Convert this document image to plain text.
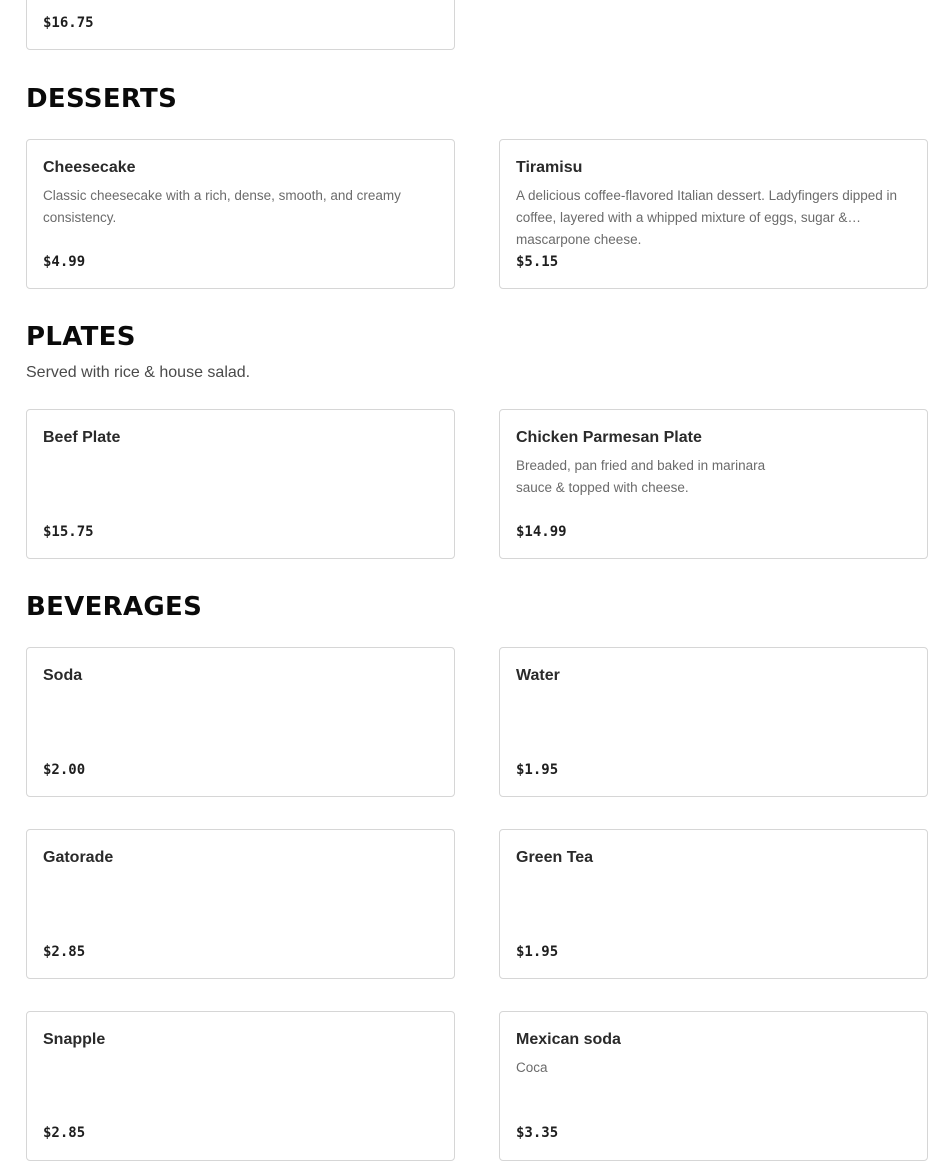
$16.75
DESSERTS
Cheesecake
Classic cheesecake with a rich, dense, smooth, and creamy consistency.
$4.99
Tiramisu
A delicious coffee-flavored Italian dessert. Ladyfingers dipped in coffee, layered with a whipped mixture of eggs, sugar & mascarpone cheese.
$5.15
PLATES
Served with rice & house salad.
Beef Plate
$15.75
Chicken Parmesan Plate
Breaded, pan fried and baked in marinara sauce & topped with cheese.
$14.99
BEVERAGES
Soda
$2.00
Water
$1.95
Gatorade
$2.85
Green Tea
$1.95
Snapple
$2.85
Mexican soda
Coca
$3.35
